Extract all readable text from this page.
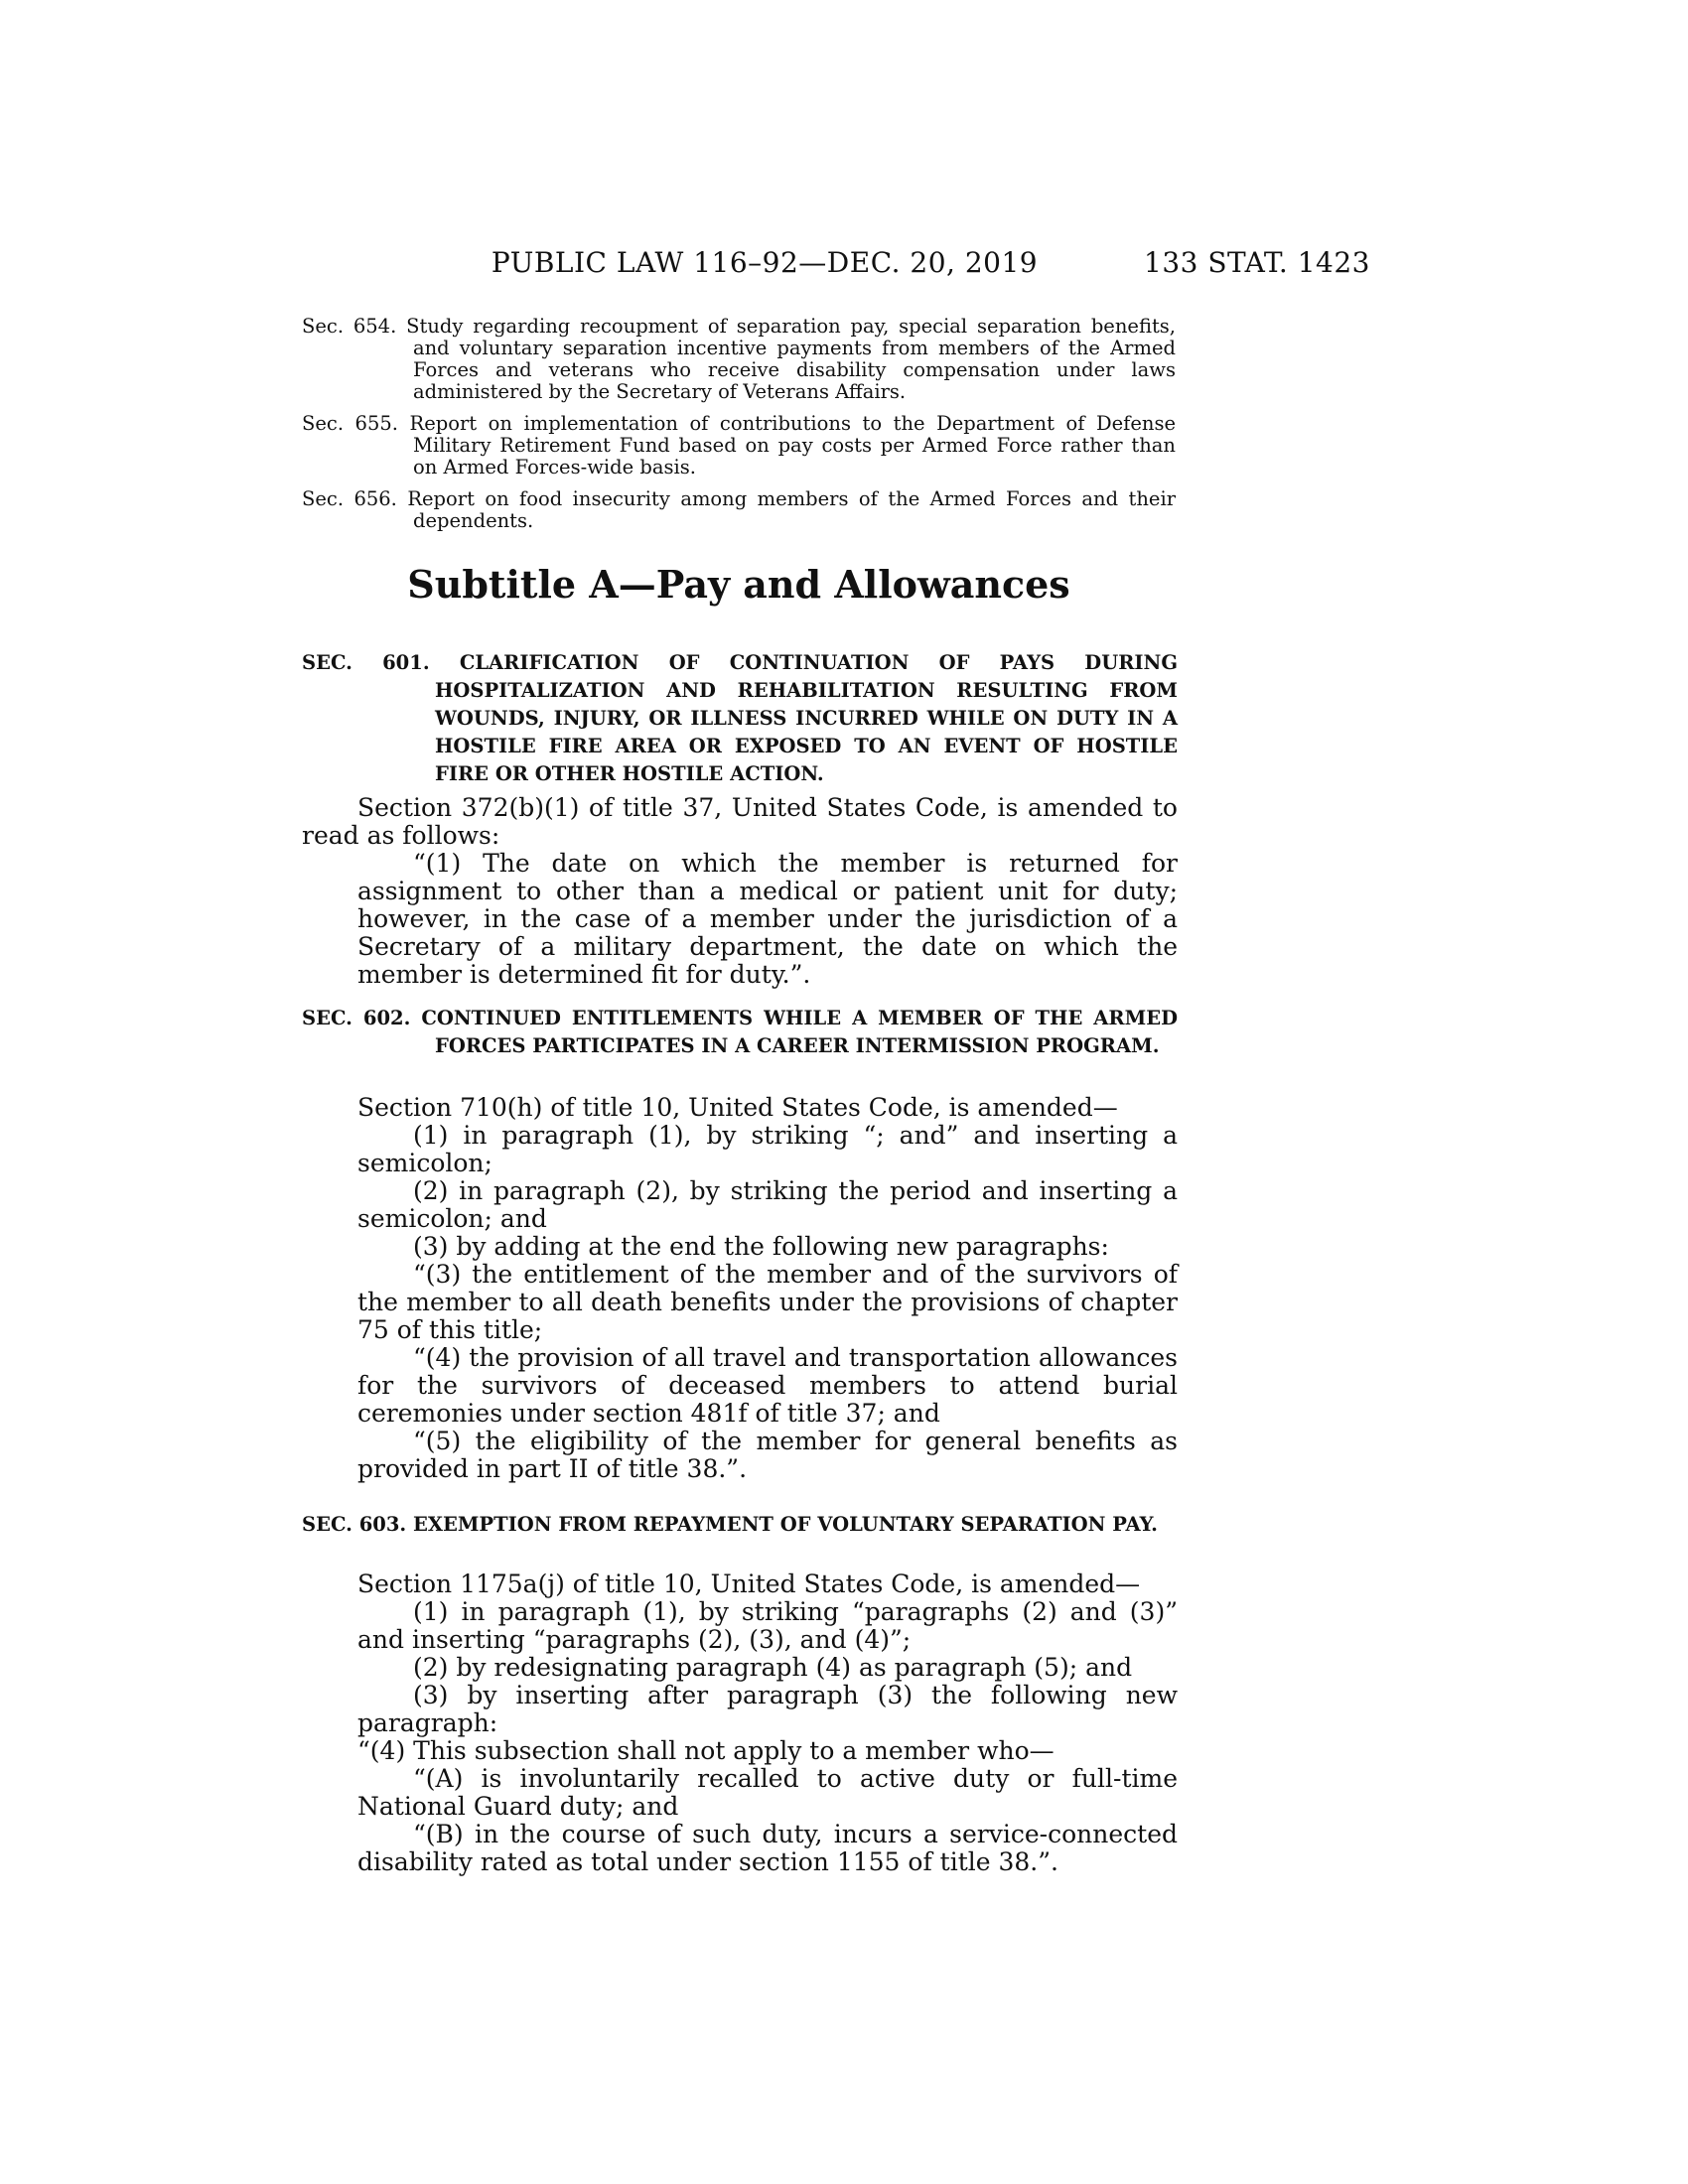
PUBLIC LAW 116–92—DEC. 20, 2019	133 STAT. 1423
Sec. 654. Study regarding recoupment of separation pay, special separation benefits, and voluntary separation incentive payments from members of the Armed Forces and veterans who receive disability compensation under laws administered by the Secretary of Veterans Affairs.
Sec. 655. Report on implementation of contributions to the Department of Defense Military Retirement Fund based on pay costs per Armed Force rather than on Armed Forces-wide basis.
Sec. 656. Report on food insecurity among members of the Armed Forces and their dependents.
Subtitle A—Pay and Allowances
SEC. 601. CLARIFICATION OF CONTINUATION OF PAYS DURING HOSPITALIZATION AND REHABILITATION RESULTING FROM WOUNDS, INJURY, OR ILLNESS INCURRED WHILE ON DUTY IN A HOSTILE FIRE AREA OR EXPOSED TO AN EVENT OF HOSTILE FIRE OR OTHER HOSTILE ACTION.

Section 372(b)(1) of title 37, United States Code, is amended to read as follows:

“(1) The date on which the member is returned for assignment to other than a medical or patient unit for duty; however, in the case of a member under the jurisdiction of a Secretary of a military department, the date on which the member is determined fit for duty.”.

SEC. 602. CONTINUED ENTITLEMENTS WHILE A MEMBER OF THE ARMED FORCES PARTICIPATES IN A CAREER INTERMISSION PROGRAM.

Section 710(h) of title 10, United States Code, is amended—

(1) in paragraph (1), by striking “; and” and inserting a semicolon;

(2) in paragraph (2), by striking the period and inserting a semicolon; and

(3) by adding at the end the following new paragraphs:

“(3) the entitlement of the member and of the survivors of the member to all death benefits under the provisions of chapter 75 of this title;

“(4) the provision of all travel and transportation allowances for the survivors of deceased members to attend burial ceremonies under section 481f of title 37; and

“(5) the eligibility of the member for general benefits as provided in part II of title 38.”.

SEC. 603. EXEMPTION FROM REPAYMENT OF VOLUNTARY SEPARATION PAY.

Section 1175a(j) of title 10, United States Code, is amended—

(1) in paragraph (1), by striking “paragraphs (2) and (3)” and inserting “paragraphs (2), (3), and (4)”;

(2) by redesignating paragraph (4) as paragraph (5); and

(3) by inserting after paragraph (3) the following new paragraph:

“(4) This subsection shall not apply to a member who—

“(A) is involuntarily recalled to active duty or full-time National Guard duty; and

“(B) in the course of such duty, incurs a service-connected disability rated as total under section 1155 of title 38.”.
